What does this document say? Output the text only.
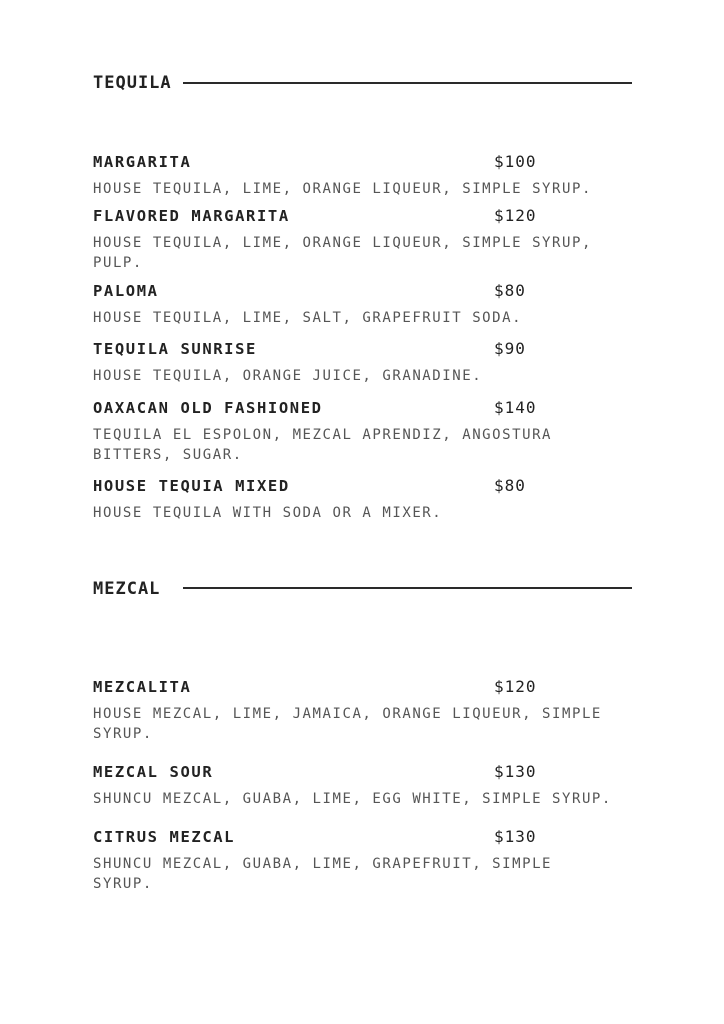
TEQUILA
MARGARITA	$100
HOUSE TEQUILA, LIME, ORANGE LIQUEUR, SIMPLE SYRUP.
FLAVORED MARGARITA	$120
HOUSE TEQUILA, LIME, ORANGE LIQUEUR, SIMPLE SYRUP, PULP.
PALOMA	$80
HOUSE TEQUILA, LIME, SALT, GRAPEFRUIT SODA.
TEQUILA SUNRISE	$90
HOUSE TEQUILA, ORANGE JUICE, GRANADINE.
OAXACAN OLD FASHIONED	$140
TEQUILA EL ESPOLON, MEZCAL APRENDIZ, ANGOSTURA BITTERS, SUGAR.
HOUSE TEQUIA MIXED	$80
HOUSE TEQUILA WITH SODA OR A MIXER.
MEZCAL
MEZCALITA	$120
HOUSE MEZCAL, LIME, JAMAICA, ORANGE LIQUEUR, SIMPLE SYRUP.
MEZCAL SOUR	$130
SHUNCU MEZCAL, GUABA, LIME, EGG WHITE, SIMPLE SYRUP.
CITRUS MEZCAL	$130
SHUNCU MEZCAL, GUABA, LIME, GRAPEFRUIT, SIMPLE SYRUP.
